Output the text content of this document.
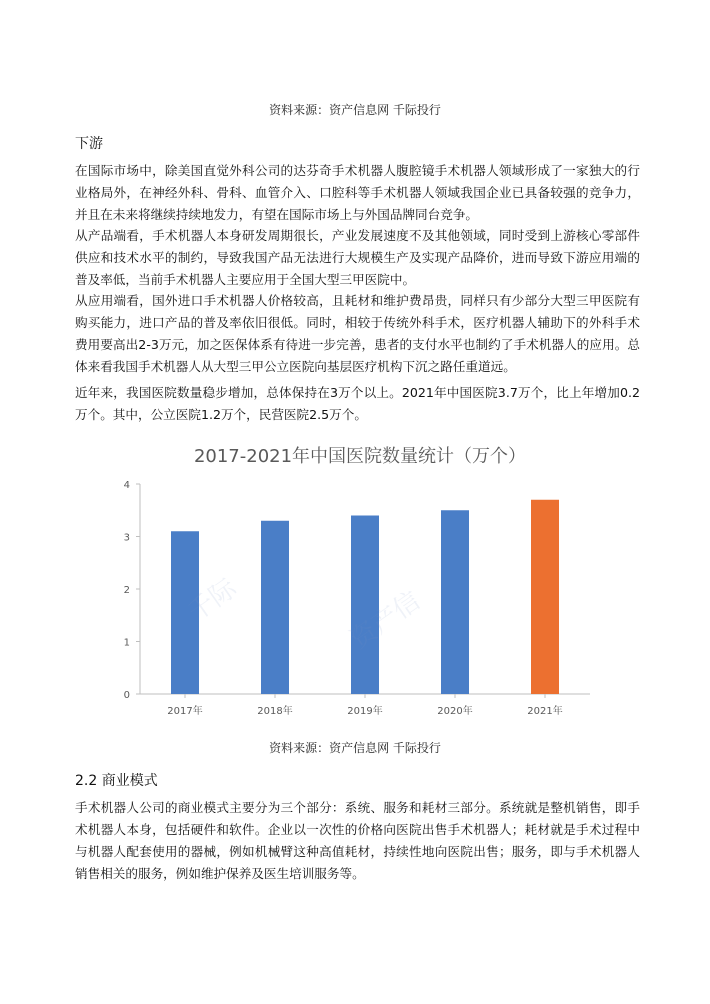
资料来源：资产信息网 千际投行
下游

在国际市场中，除美国直觉外科公司的达芬奇手术机器人腹腔镜手术机器人领域形成了一家独大的行业格局外，在神经外科、骨科、血管介入、口腔科等手术机器人领域我国企业已具备较强的竞争力，并且在未来将继续持续地发力，有望在国际市场上与外国品牌同台竞争。

从产品端看，手术机器人本身研发周期很长，产业发展速度不及其他领域，同时受到上游核心零部件供应和技术水平的制约，导致我国产品无法进行大规模生产及实现产品降价，进而导致下游应用端的普及率低，当前手术机器人主要应用于全国大型三甲医院中。

从应用端看，国外进口手术机器人价格较高，且耗材和维护费昂贵，同样只有少部分大型三甲医院有购买能力，进口产品的普及率依旧很低。同时，相较于传统外科手术，医疗机器人辅助下的外科手术费用要高出2-3万元，加之医保体系有待进一步完善，患者的支付水平也制约了手术机器人的应用。总体来看我国手术机器人从大型三甲公立医院向基层医疗机构下沉之路任重道远。

近年来，我国医院数量稳步增加，总体保持在3万个以上。2021年中国医院3.7万个，比上年增加0.2万个。其中，公立医院1.2万个，民营医院2.5万个。

2017-2021年中国医院数量统计（万个）
0
1
2
3
4
2017年	2018年	2019年	2020年	2021年
千际	资产信
资料来源：资产信息网 千际投行
2.2 商业模式

手术机器人公司的商业模式主要分为三个部分：系统、服务和耗材三部分。系统就是整机销售，即手术机器人本身，包括硬件和软件。企业以一次性的价格向医院出售手术机器人；耗材就是手术过程中与机器人配套使用的器械，例如机械臂这种高值耗材，持续性地向医院出售；服务，即与手术机器人销售相关的服务，例如维护保养及医生培训服务等。
